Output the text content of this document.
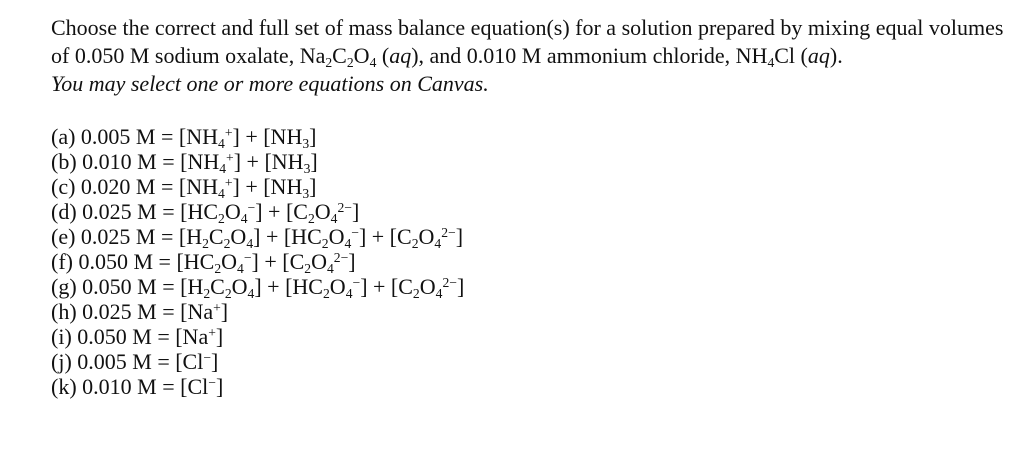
Choose the correct and full set of mass balance equation(s) for a solution prepared by mixing equal volumes of 0.050 M sodium oxalate, $Na_2C_2O_4$ (aq), and 0.010 M ammonium chloride, $NH_4Cl$ (aq).

You may select one or more equations on Canvas.

(a) 0.005 $M = [NH_4^+] + [NH_3]$
(b) 0.010 $M = [NH_4^+] + [NH_3]$
(c) 0.020 $M = [NH_4^+] + [NH_3]$
(d) 0.025 $M = [HC_2O_4^-] + [C_2O_4^{2-}]$
(e) 0.025 $M = [H_2C_2O_4] + [HC_2O_4^-] + [C_2O_4^{2-}]$
(f) 0.050 $M = [HC_2O_4^-] + [C_2O_4^{2-}]$
(g) 0.050 $M = [H_2C_2O_4] + [HC_2O_4^-] + [C_2O_4^{2-}]$
(h) 0.025 M = [Na+]
(i) 0.050 M = [Na+]
(j) 0.005 M = [Cl−]
(k) 0.010 M = [Cl−]
